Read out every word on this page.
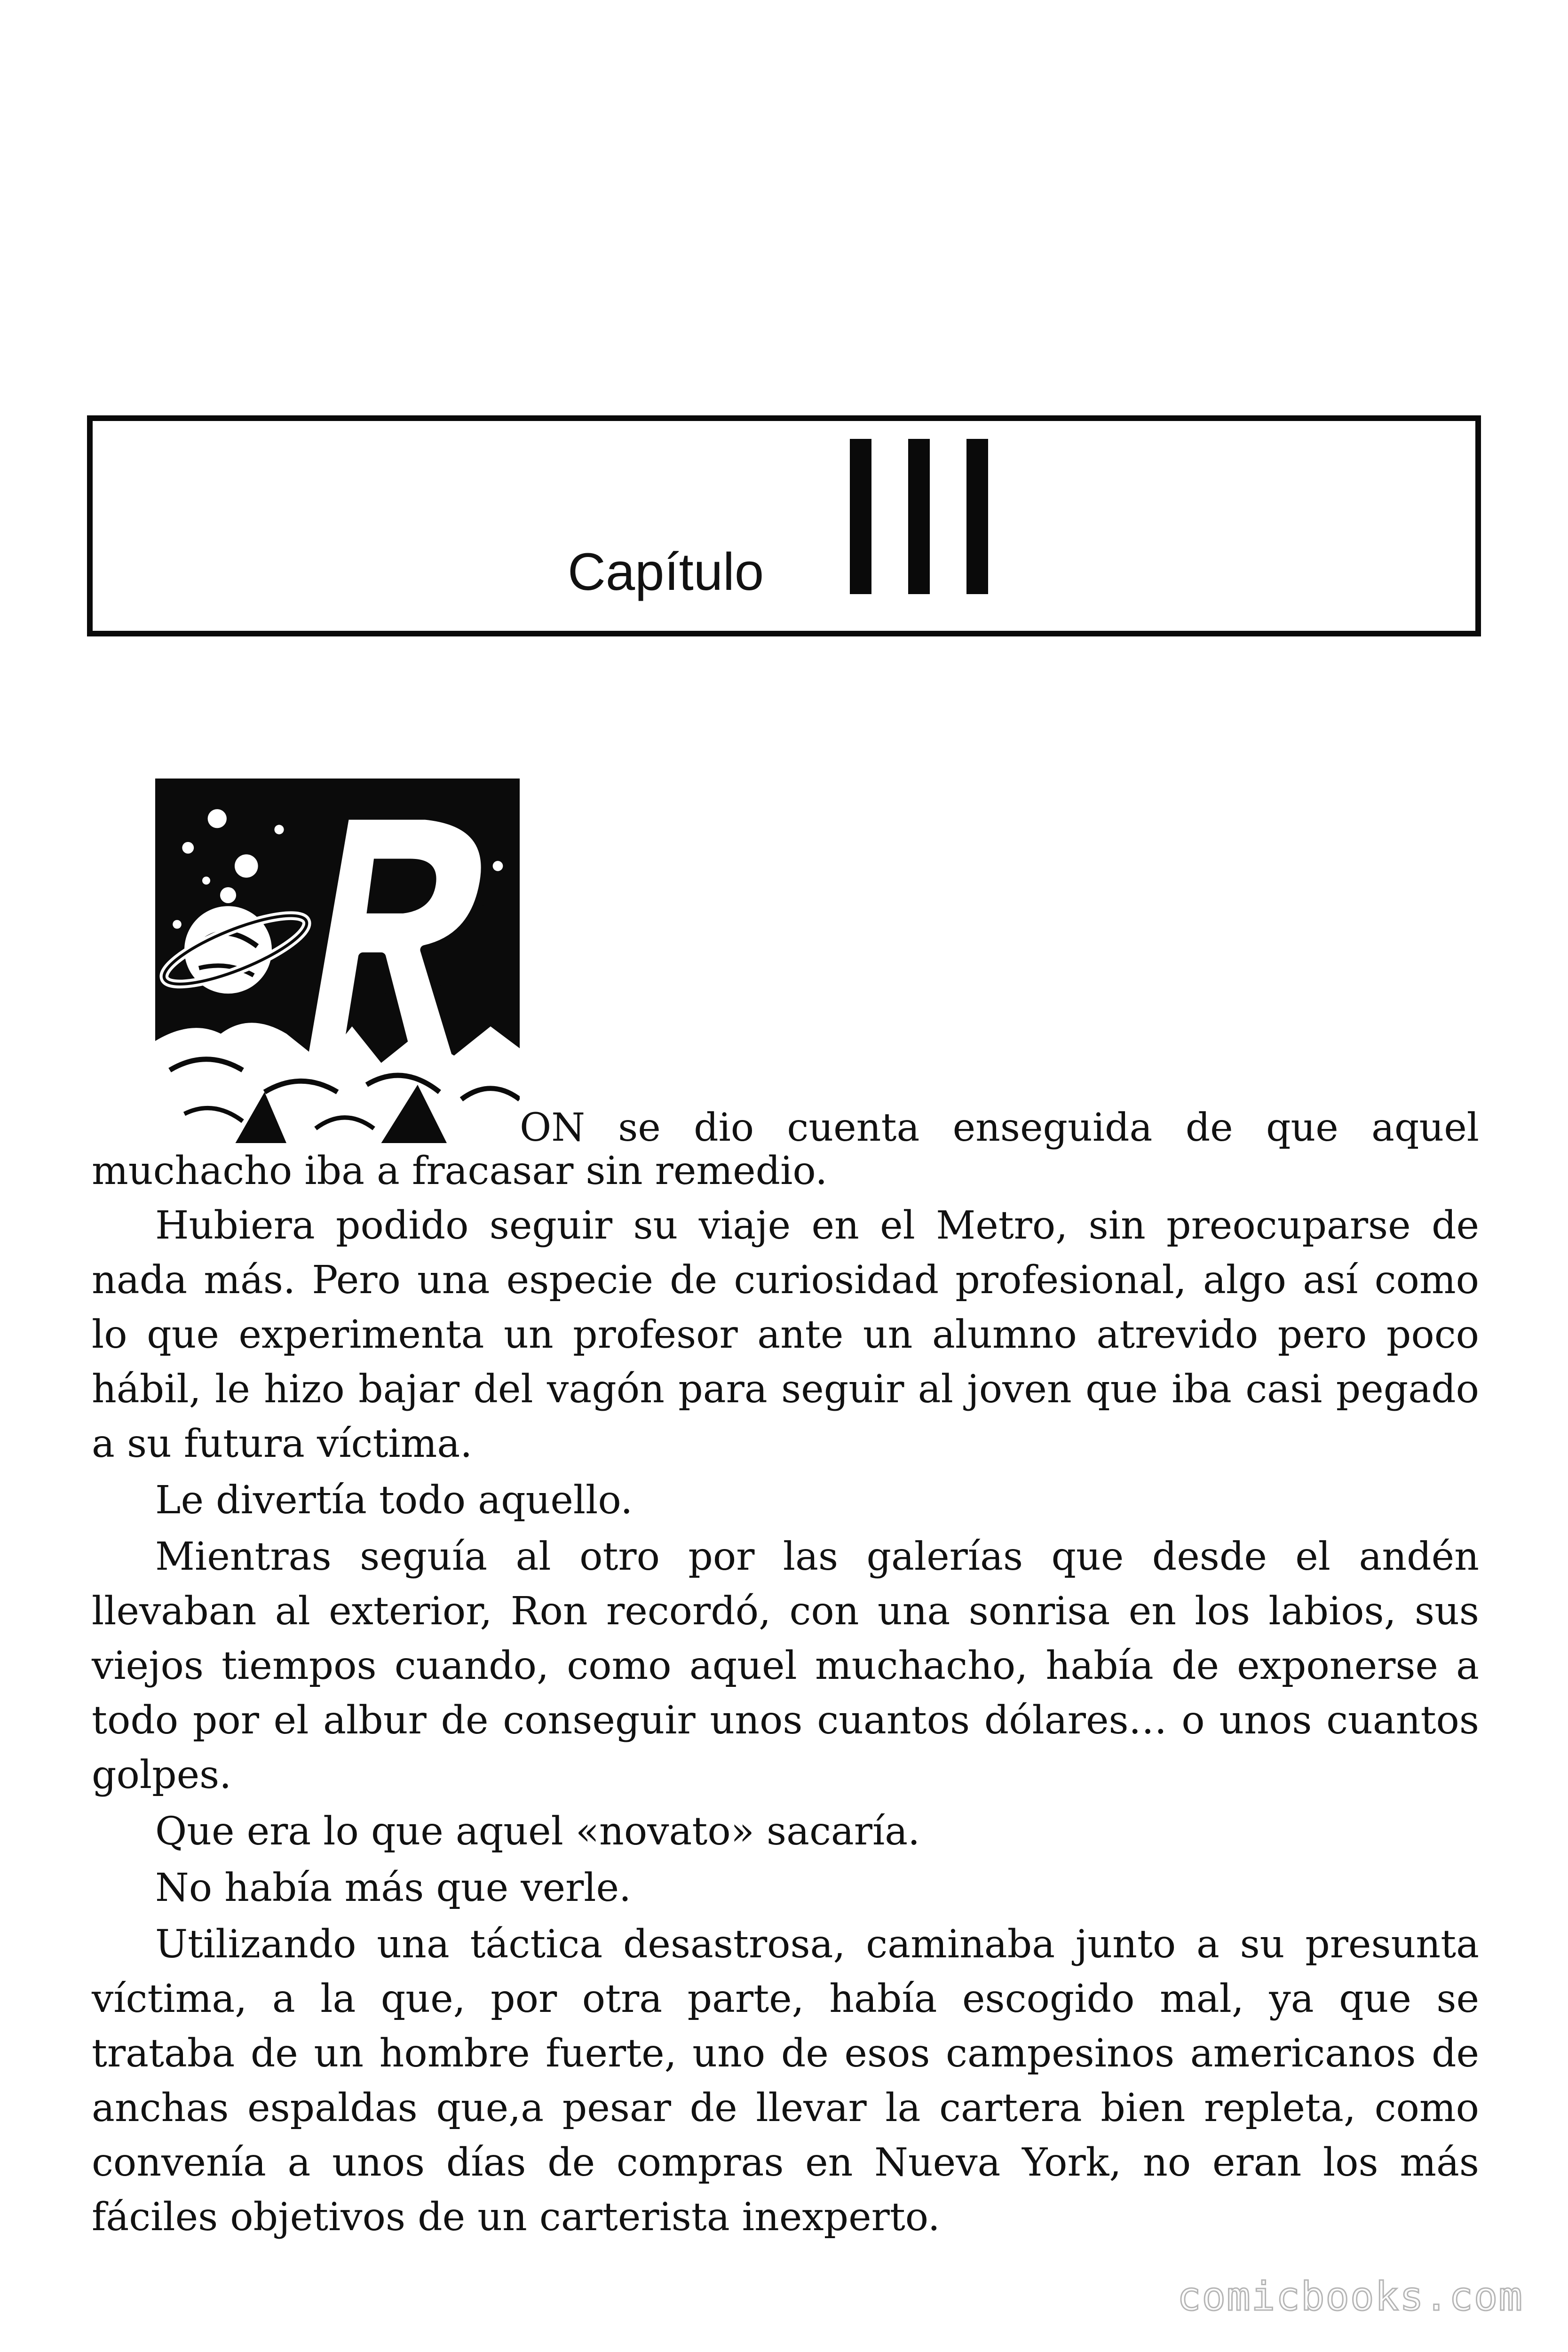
Capítulo
ON se dio cuenta enseguida de que aquel
muchacho iba a fracasar sin remedio.

Hubiera podido seguir su viaje en el Metro, sin preocuparse de nada más. Pero una especie de curiosidad profesional, algo así como lo que experimenta un profesor ante un alumno atrevido pero poco hábil, le hizo bajar del vagón para seguir al joven que iba casi pegado a su futura víctima.

Le divertía todo aquello.

Mientras seguía al otro por las galerías que desde el andén llevaban al exterior, Ron recordó, con una sonrisa en los labios, sus viejos tiempos cuando, como aquel muchacho, había de exponerse a todo por el albur de conseguir unos cuantos dólares… o unos cuantos golpes.

Que era lo que aquel «novato» sacaría.

No había más que verle.

Utilizando una táctica desastrosa, caminaba junto a su presunta víctima, a la que, por otra parte, había escogido mal, ya que se trataba de un hombre fuerte, uno de esos campesinos americanos de anchas espaldas que,a pesar de llevar la cartera bien repleta, como convenía a unos días de compras en Nueva York, no eran los más fáciles objetivos de un carterista inexperto.

comicbooks.com
